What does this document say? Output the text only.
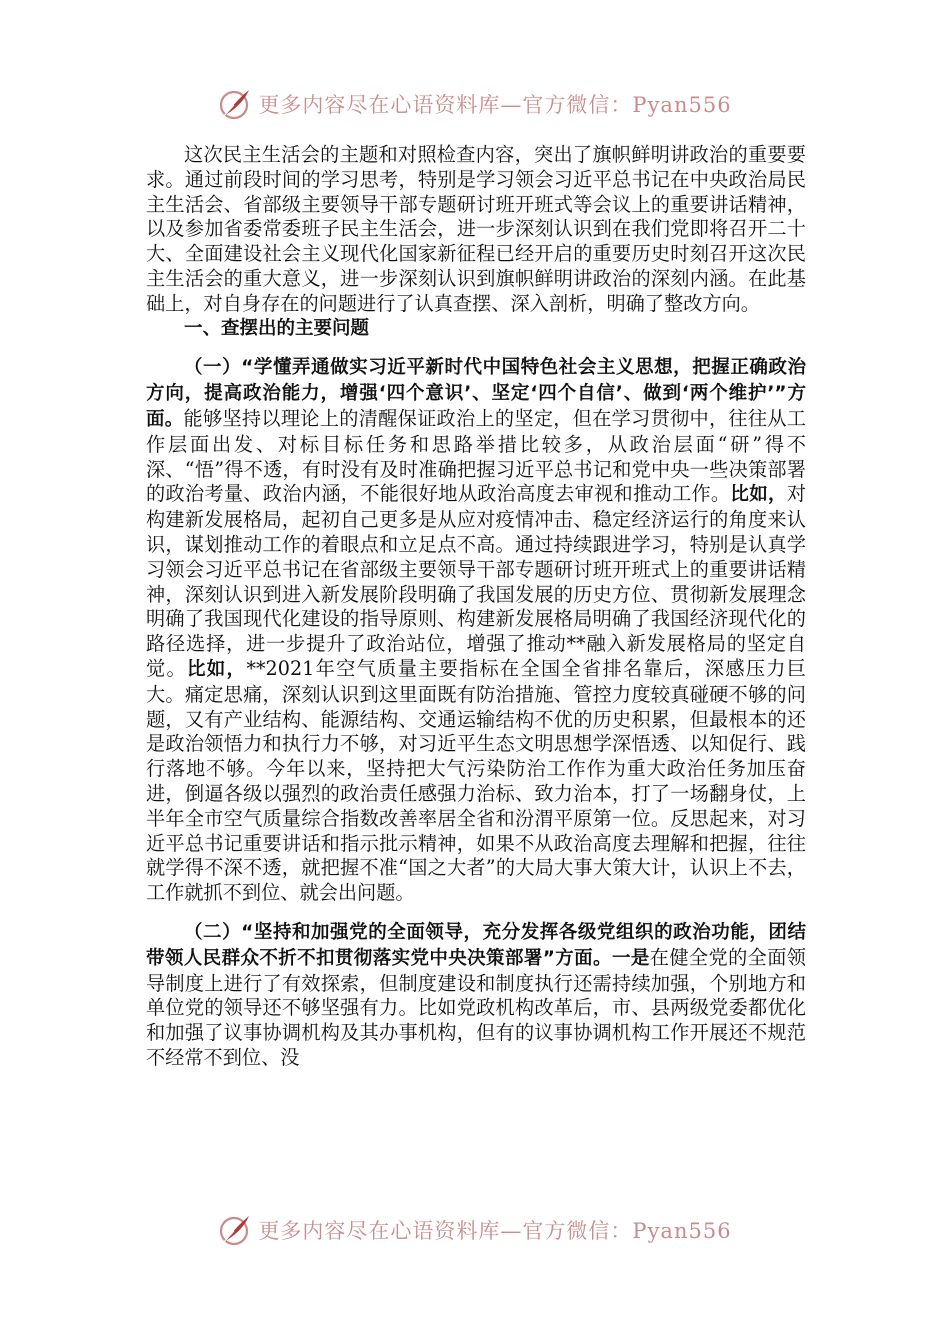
更多内容尽在心语资料库—官方微信：Pyan556

这次民主生活会的主题和对照检查内容，突出了旗帜鲜明讲政治的重要要求。通过前段时间的学习思考，特别是学习领会习近平总书记在中央政治局民主生活会、省部级主要领导干部专题研讨班开班式等会议上的重要讲话精神，以及参加省委常委班子民主生活会，进一步深刻认识到在我们党即将召开二十大、全面建设社会主义现代化国家新征程已经开启的重要历史时刻召开这次民主生活会的重大意义，进一步深刻认识到旗帜鲜明讲政治的深刻内涵。在此基础上，对自身存在的问题进行了认真查摆、深入剖析，明确了整改方向。

一、查摆出的主要问题

（一）“学懂弄通做实习近平新时代中国特色社会主义思想，把握正确政治方向，提高政治能力，增强‘四个意识’、坚定‘四个自信’、做到‘两个维护’”方面。能够坚持以理论上的清醒保证政治上的坚定，但在学习贯彻中，往往从工作层面出发、对标目标任务和思路举措比较多，从政治层面“研”得不深、“悟”得不透，有时没有及时准确把握习近平总书记和党中央一些决策部署的政治考量、政治内涵，不能很好地从政治高度去审视和推动工作。比如，对构建新发展格局，起初自己更多是从应对疫情冲击、稳定经济运行的角度来认识，谋划推动工作的着眼点和立足点不高。通过持续跟进学习，特别是认真学习领会习近平总书记在省部级主要领导干部专题研讨班开班式上的重要讲话精神，深刻认识到进入新发展阶段明确了我国发展的历史方位、贯彻新发展理念明确了我国现代化建设的指导原则、构建新发展格局明确了我国经济现代化的路径选择，进一步提升了政治站位，增强了推动**融入新发展格局的坚定自觉。比如，**2021年空气质量主要指标在全国全省排名靠后，深感压力巨大。痛定思痛，深刻认识到这里面既有防治措施、管控力度较真碰硬不够的问题，又有产业结构、能源结构、交通运输结构不优的历史积累，但最根本的还是政治领悟力和执行力不够，对习近平生态文明思想学深悟透、以知促行、践行落地不够。今年以来，坚持把大气污染防治工作作为重大政治任务加压奋进，倒逼各级以强烈的政治责任感强力治标、致力治本，打了一场翻身仗，上半年全市空气质量综合指数改善率居全省和汾渭平原第一位。反思起来，对习近平总书记重要讲话和指示批示精神，如果不从政治高度去理解和把握，往往就学得不深不透，就把握不准“国之大者”的大局大事大策大计，认识上不去，工作就抓不到位、就会出问题。

（二）“坚持和加强党的全面领导，充分发挥各级党组织的政治功能，团结带领人民群众不折不扣贯彻落实党中央决策部署”方面。一是在健全党的全面领导制度上进行了有效探索，但制度建设和制度执行还需持续加强，个别地方和单位党的领导还不够坚强有力。比如党政机构改革后，市、县两级党委都优化和加强了议事协调机构及其办事机构，但有的议事协调机构工作开展还不规范不经常不到位、没

更多内容尽在心语资料库—官方微信：Pyan556
